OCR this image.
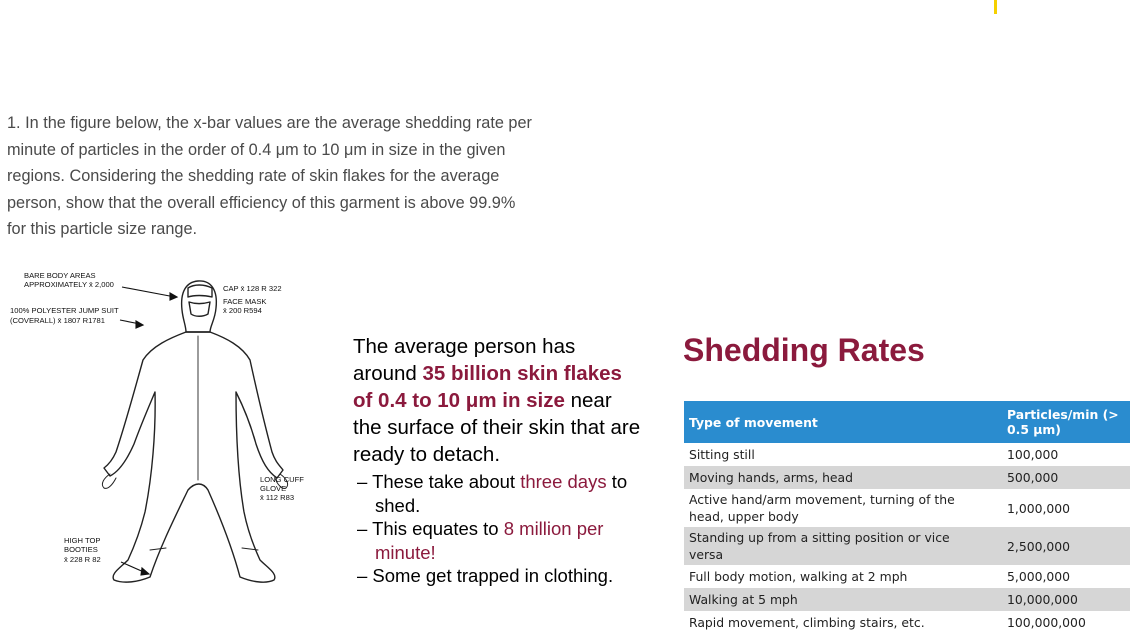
1. In the figure below, the x-bar values are the average shedding rate per minute of particles in the order of 0.4 μm to 10 μm in size in the given regions. Considering the shedding rate of skin flakes for the average person, show that the overall efficiency of this garment is above 99.9% for this particle size range.
BARE BODY AREAS
APPROXIMATELY x̄ 2,000
100% POLYESTER JUMP SUIT
(COVERALL) x̄ 1807 R1781
CAP x̄ 128 R 322
FACE MASK
x̄ 200 R594
LONG CUFF
GLOVE
x̄ 112 R83
HIGH TOP
BOOTIES
x̄ 228 R 82
The average person has around 35 billion skin flakes of 0.4 to 10 μm in size near the surface of their skin that are ready to detach.
– These take about three days to shed.
– This equates to 8 million per minute!
– Some get trapped in clothing.
Shedding Rates
Type of movement	Particles/min (> 0.5 μm)
Sitting still	100,000
Moving hands, arms, head	500,000
Active hand/arm movement, turning of the head, upper body	1,000,000
Standing up from a sitting position or vice versa	2,500,000
Full body motion, walking at 2 mph	5,000,000
Walking at 5 mph	10,000,000
Rapid movement, climbing stairs, etc.	100,000,000
